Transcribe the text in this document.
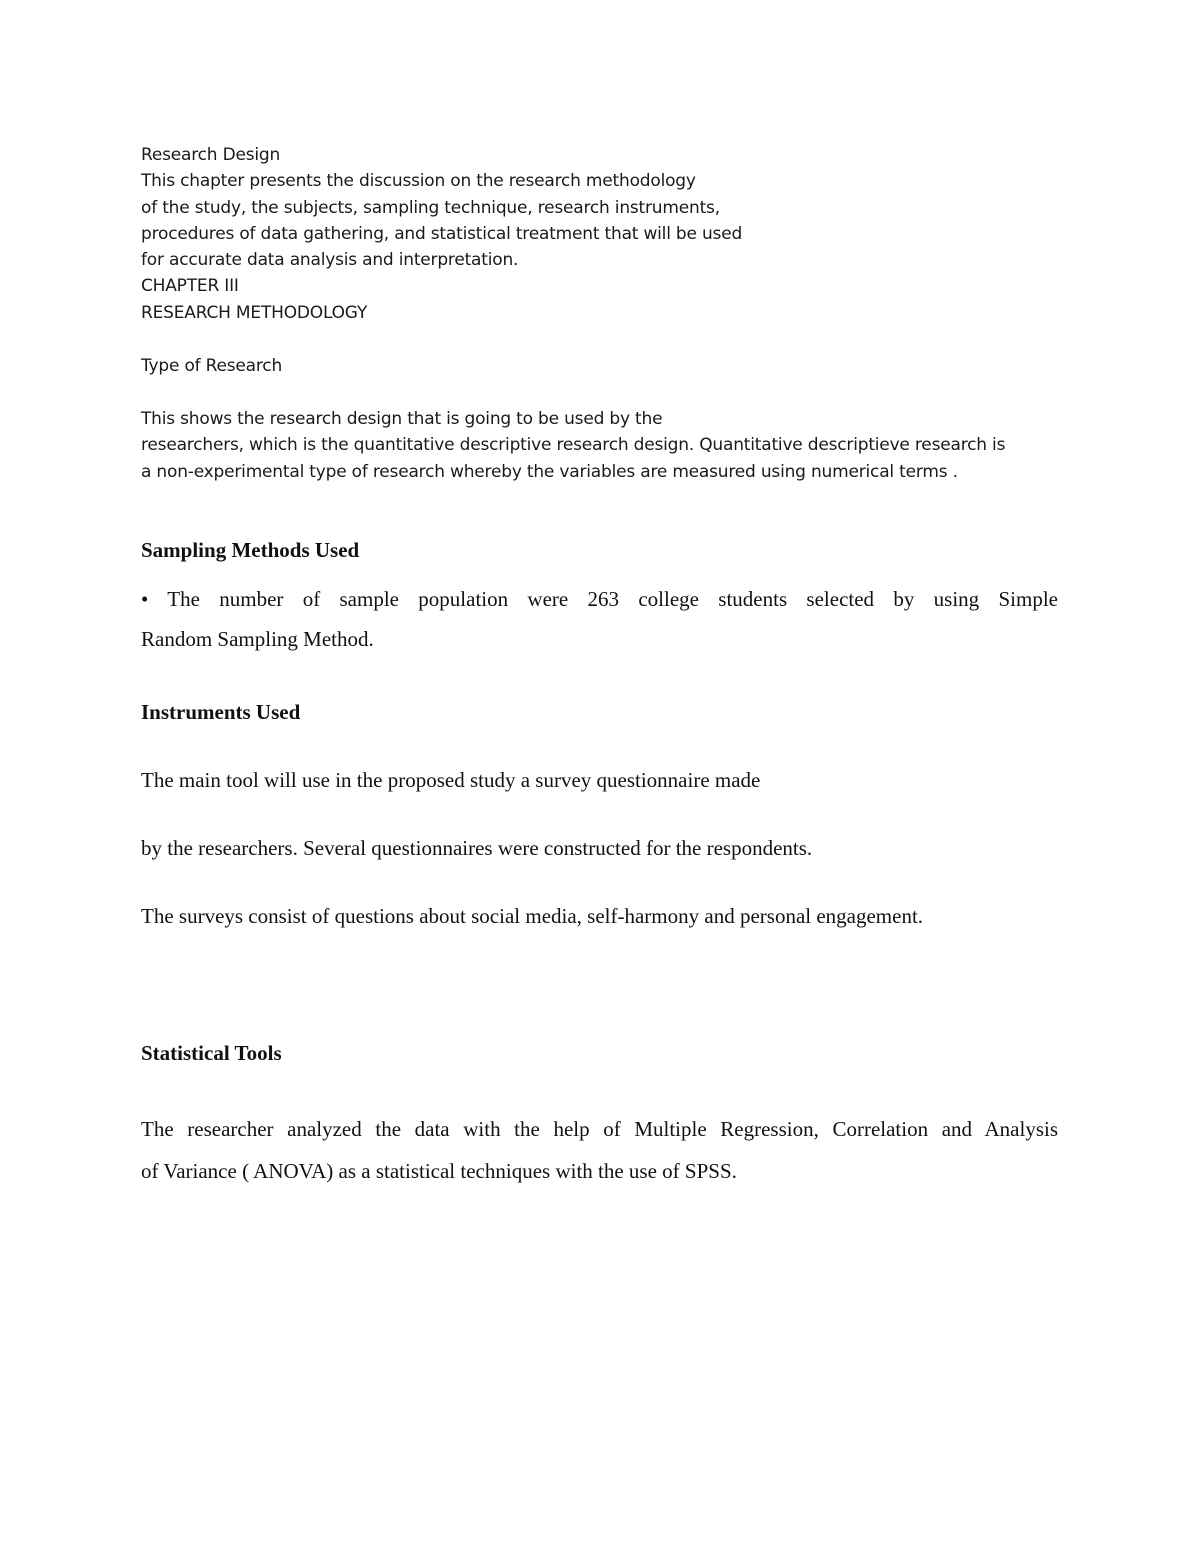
Research Design
This chapter presents the discussion on the research methodology
of the study, the subjects, sampling technique, research instruments,
procedures of data gathering, and statistical treatment that will be used
for accurate data analysis and interpretation.
CHAPTER III
RESEARCH METHODOLOGY
Type of Research
This shows the research design that is going to be used by the
researchers, which is the quantitative descriptive research design. Quantitative descriptieve research is
a non-experimental type of research whereby the variables are measured using numerical terms .
Sampling Methods Used
• The number of sample population were 263 college students selected by using Simple
Random Sampling Method.
Instruments Used
The main tool will use in the proposed study a survey questionnaire made
by the researchers. Several questionnaires were constructed for the respondents.
The surveys consist of questions about social media, self-harmony and personal engagement.
Statistical Tools
The researcher analyzed the data with the help of Multiple Regression, Correlation and Analysis
of Variance ( ANOVA) as a statistical techniques with the use of SPSS.
